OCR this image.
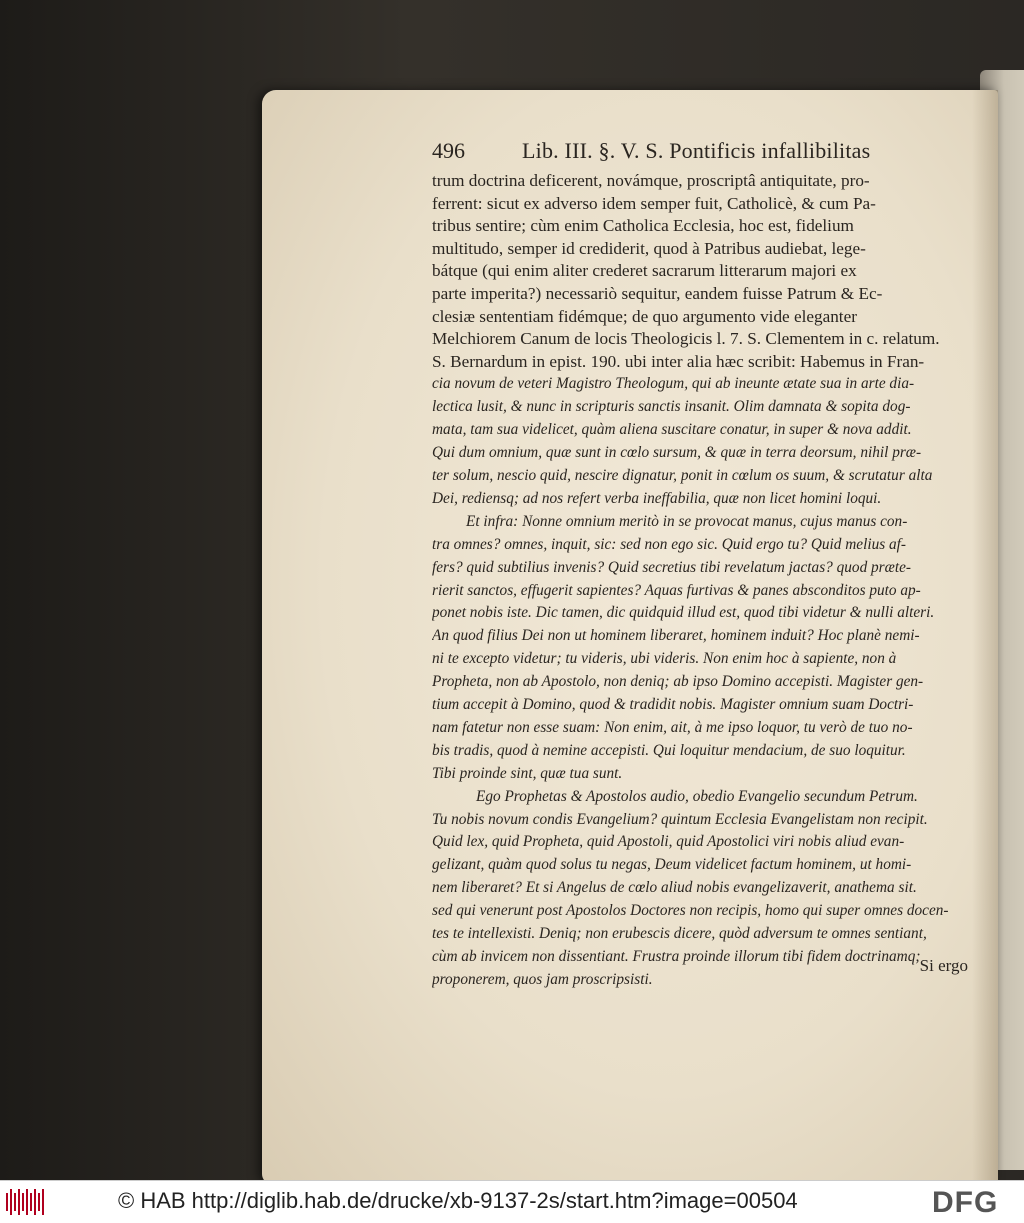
496	Lib. III. §. V. S. Pontificis infallibilitas
trum doctrina deficerent, novámque, proscriptâ antiquitate, pro-
ferrent: sicut ex adverso idem semper fuit, Catholicè, & cum Pa-
tribus sentire; cùm enim Catholica Ecclesia, hoc est, fidelium
multitudo, semper id crediderit, quod à Patribus audiebat, lege-
bátque (qui enim aliter crederet sacrarum litterarum majori ex
parte imperita?) necessariò sequitur, eandem fuisse Patrum & Ec-
clesiæ sententiam fidémque; de quo argumento vide eleganter
Melchiorem Canum de locis Theologicis l. 7. S. Clementem in c. relatum.
S. Bernardum in epist. 190. ubi inter alia hæc scribit: Habemus in Fran-
cia novum de veteri Magistro Theologum, qui ab ineunte ætate sua in arte dia-
lectica lusit, & nunc in scripturis sanctis insanit. Olim damnata & sopita dog-
mata, tam sua videlicet, quàm aliena suscitare conatur, in super & nova addit.
Qui dum omnium, quæ sunt in cœlo sursum, & quæ in terra deorsum, nihil præ-
ter solum, nescio quid, nescire dignatur, ponit in cœlum os suum, & scrutatur alta
Dei, rediensq; ad nos refert verba ineffabilia, quæ non licet homini loqui.
Et infra: Nonne omnium meritò in se provocat manus, cujus manus con-
tra omnes? omnes, inquit, sic: sed non ego sic. Quid ergo tu? Quid melius af-
fers? quid subtilius invenis? Quid secretius tibi revelatum jactas? quod præte-
rierit sanctos, effugerit sapientes? Aquas furtivas & panes absconditos puto ap-
ponet nobis iste. Dic tamen, dic quidquid illud est, quod tibi videtur & nulli alteri.
An quod filius Dei non ut hominem liberaret, hominem induit? Hoc planè nemi-
ni te excepto videtur; tu videris, ubi videris. Non enim hoc à sapiente, non à
Propheta, non ab Apostolo, non deniq; ab ipso Domino accepisti. Magister gen-
tium accepit à Domino, quod & tradidit nobis. Magister omnium suam Doctri-
nam fatetur non esse suam: Non enim, ait, à me ipso loquor, tu verò de tuo no-
bis tradis, quod à nemine accepisti. Qui loquitur mendacium, de suo loquitur.
Tibi proinde sint, quæ tua sunt.
Ego Prophetas & Apostolos audio, obedio Evangelio secundum Petrum.
Tu nobis novum condis Evangelium? quintum Ecclesia Evangelistam non recipit.
Quid lex, quid Propheta, quid Apostoli, quid Apostolici viri nobis aliud evan-
gelizant, quàm quod solus tu negas, Deum videlicet factum hominem, ut homi-
nem liberaret? Et si Angelus de cœlo aliud nobis evangelizaverit, anathema sit.
sed qui venerunt post Apostolos Doctores non recipis, homo qui super omnes docen-
tes te intellexisti. Deniq; non erubescis dicere, quòd adversum te omnes sentiant,
cùm ab invicem non dissentiant. Frustra proinde illorum tibi fidem doctrinamq;
proponerem, quos jam proscripsisti.
Si ergo
© HAB http://diglib.hab.de/drucke/xb-9137-2s/start.htm?image=00504	DFG
